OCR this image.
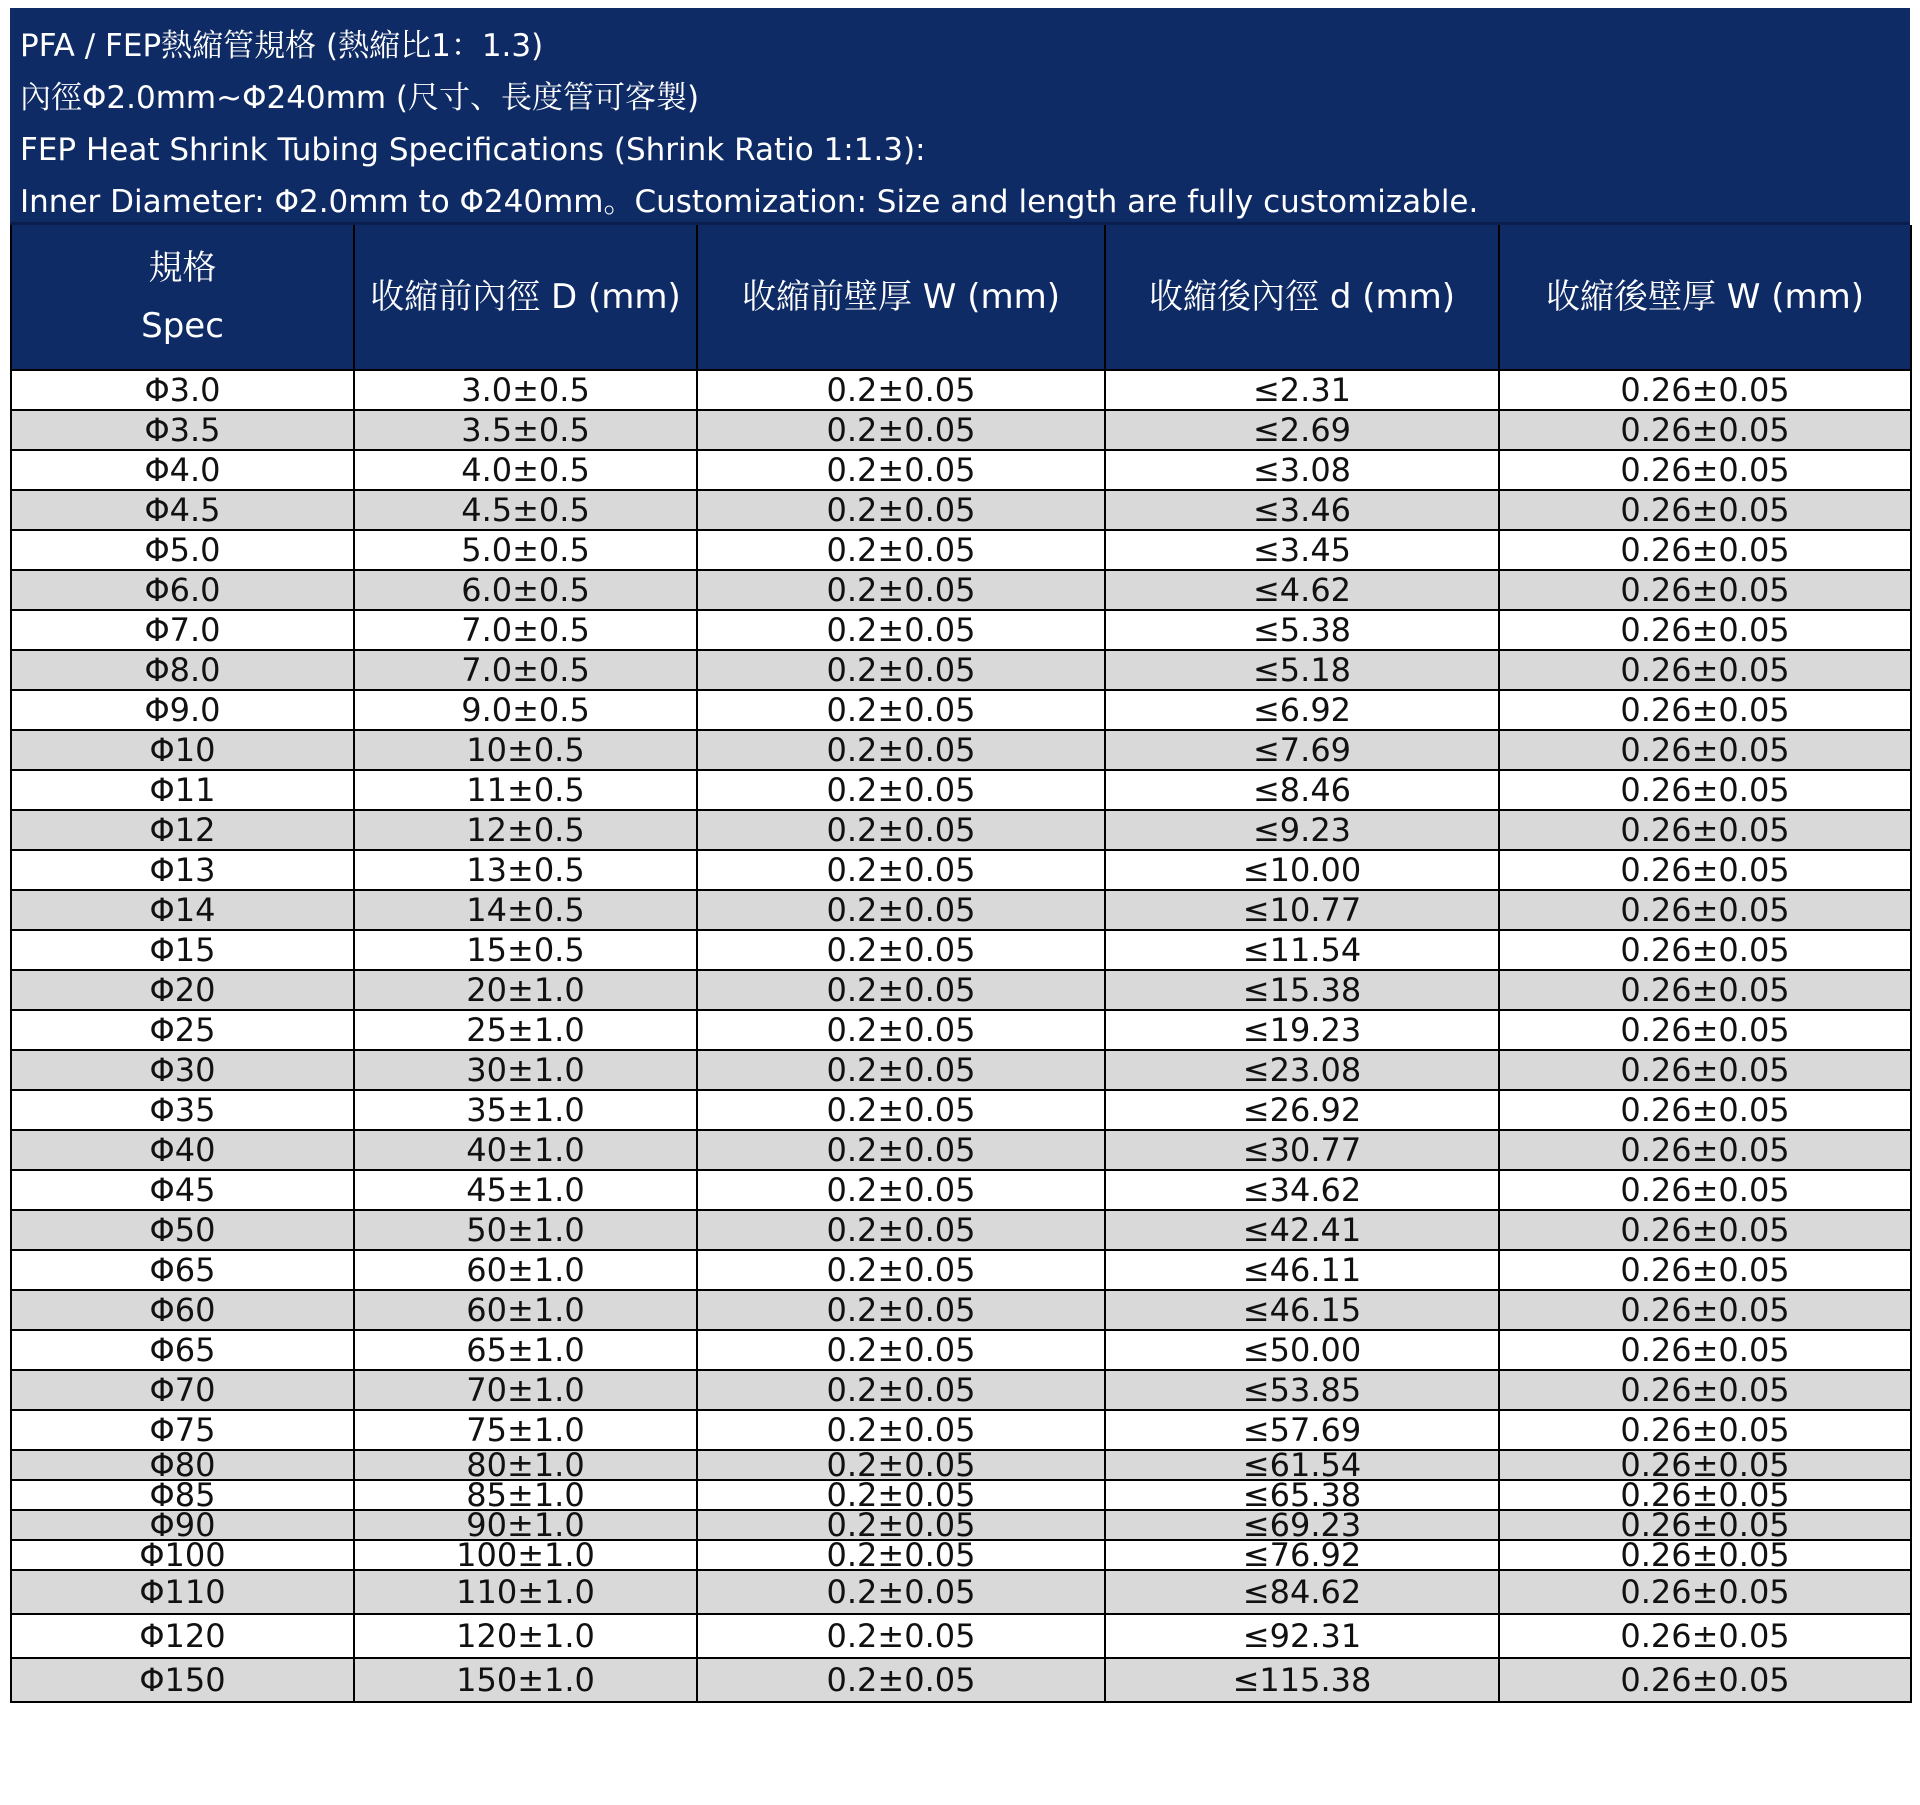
PFA / FEP熱縮管規格 (熱縮比1：1.3)
內徑Φ2.0mm~Φ240mm (尺寸、長度管可客製)
FEP Heat Shrink Tubing Specifications (Shrink Ratio 1:1.3):
Inner Diameter: Φ2.0mm to Φ240mm。Customization: Size and length are fully customizable.
規格
Spec	收縮前內徑 D (mm)	收縮前壁厚 W (mm)	收縮後內徑 d (mm)	收縮後壁厚 W (mm)
Φ3.0	3.0±0.5	0.2±0.05	≤2.31	0.26±0.05
Φ3.5	3.5±0.5	0.2±0.05	≤2.69	0.26±0.05
Φ4.0	4.0±0.5	0.2±0.05	≤3.08	0.26±0.05
Φ4.5	4.5±0.5	0.2±0.05	≤3.46	0.26±0.05
Φ5.0	5.0±0.5	0.2±0.05	≤3.45	0.26±0.05
Φ6.0	6.0±0.5	0.2±0.05	≤4.62	0.26±0.05
Φ7.0	7.0±0.5	0.2±0.05	≤5.38	0.26±0.05
Φ8.0	7.0±0.5	0.2±0.05	≤5.18	0.26±0.05
Φ9.0	9.0±0.5	0.2±0.05	≤6.92	0.26±0.05
Φ10	10±0.5	0.2±0.05	≤7.69	0.26±0.05
Φ11	11±0.5	0.2±0.05	≤8.46	0.26±0.05
Φ12	12±0.5	0.2±0.05	≤9.23	0.26±0.05
Φ13	13±0.5	0.2±0.05	≤10.00	0.26±0.05
Φ14	14±0.5	0.2±0.05	≤10.77	0.26±0.05
Φ15	15±0.5	0.2±0.05	≤11.54	0.26±0.05
Φ20	20±1.0	0.2±0.05	≤15.38	0.26±0.05
Φ25	25±1.0	0.2±0.05	≤19.23	0.26±0.05
Φ30	30±1.0	0.2±0.05	≤23.08	0.26±0.05
Φ35	35±1.0	0.2±0.05	≤26.92	0.26±0.05
Φ40	40±1.0	0.2±0.05	≤30.77	0.26±0.05
Φ45	45±1.0	0.2±0.05	≤34.62	0.26±0.05
Φ50	50±1.0	0.2±0.05	≤42.41	0.26±0.05
Φ65	60±1.0	0.2±0.05	≤46.11	0.26±0.05
Φ60	60±1.0	0.2±0.05	≤46.15	0.26±0.05
Φ65	65±1.0	0.2±0.05	≤50.00	0.26±0.05
Φ70	70±1.0	0.2±0.05	≤53.85	0.26±0.05
Φ75	75±1.0	0.2±0.05	≤57.69	0.26±0.05
Φ80	80±1.0	0.2±0.05	≤61.54	0.26±0.05
Φ85	85±1.0	0.2±0.05	≤65.38	0.26±0.05
Φ90	90±1.0	0.2±0.05	≤69.23	0.26±0.05
Φ100	100±1.0	0.2±0.05	≤76.92	0.26±0.05
Φ110	110±1.0	0.2±0.05	≤84.62	0.26±0.05
Φ120	120±1.0	0.2±0.05	≤92.31	0.26±0.05
Φ150	150±1.0	0.2±0.05	≤115.38	0.26±0.05
